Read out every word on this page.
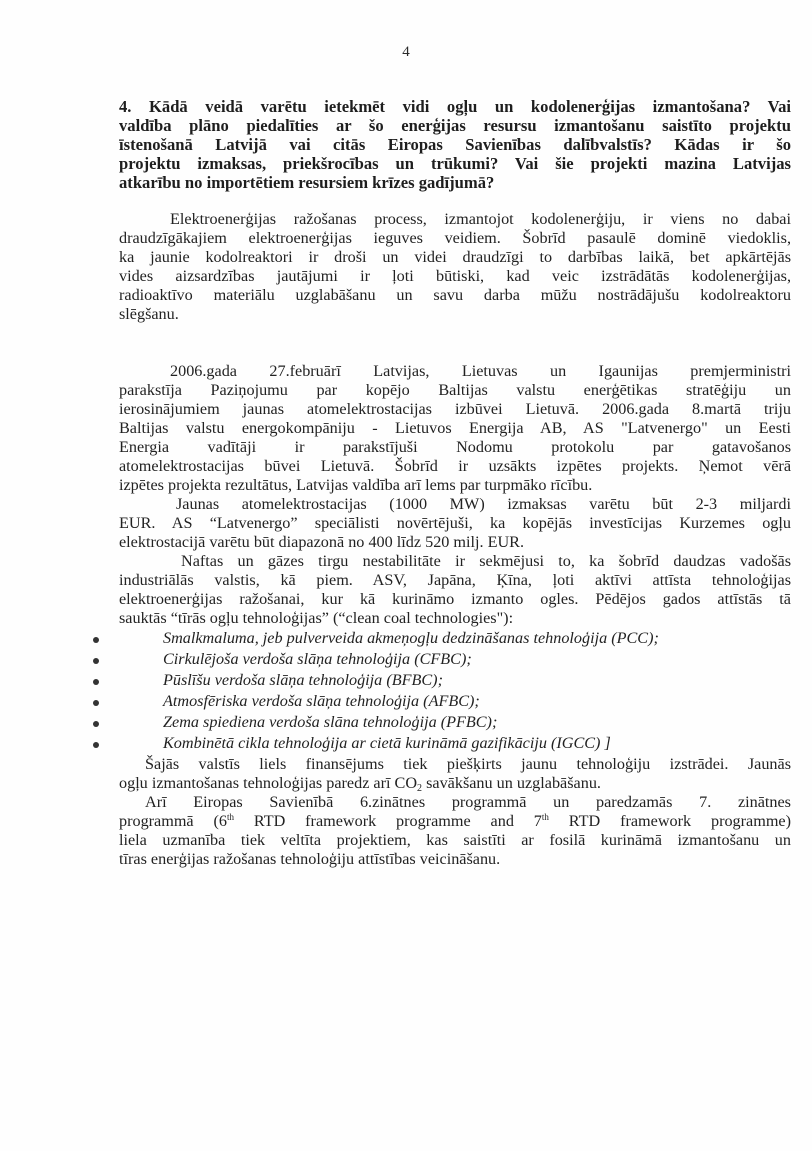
4
4. Kādā veidā varētu ietekmēt vidi ogļu un kodolenerģijas izmantošana? Vai
valdība plāno piedalīties ar šo enerģijas resursu izmantošanu saistīto projektu
īstenošanā Latvijā vai citās Eiropas Savienības dalībvalstīs? Kādas ir šo
projektu izmaksas, priekšrocības un trūkumi? Vai šie projekti mazina Latvijas
atkarību no importētiem resursiem krīzes gadījumā?
Elektroenerģijas ražošanas process, izmantojot kodolenerģiju, ir viens no dabai
draudzīgākajiem elektroenerģijas ieguves veidiem. Šobrīd pasaulē dominē viedoklis,
ka jaunie kodolreaktori ir droši un videi draudzīgi to darbības laikā, bet apkārtējās
vides aizsardzības jautājumi ir ļoti būtiski, kad veic izstrādātās kodolenerģijas,
radioaktīvo materiālu uzglabāšanu un savu darba mūžu nostrādājušu kodolreaktoru
slēgšanu.
2006.gada 27.februārī Latvijas, Lietuvas un Igaunijas premjerministri
parakstīja Paziņojumu par kopējo Baltijas valstu enerģētikas stratēģiju un
ierosinājumiem jaunas atomelektrostacijas izbūvei Lietuvā. 2006.gada 8.martā triju
Baltijas valstu energokompāniju - Lietuvos Energija AB, AS "Latvenergo" un Eesti
Energia vadītāji ir parakstījuši Nodomu protokolu par gatavošanos
atomelektrostacijas būvei Lietuvā. Šobrīd ir uzsākts izpētes projekts. Ņemot vērā
izpētes projekta rezultātus, Latvijas valdība arī lems par turpmāko rīcību.
Jaunas atomelektrostacijas (1000 MW) izmaksas varētu būt 2-3 miljardi
EUR. AS “Latvenergo” speciālisti novērtējuši, ka kopējās investīcijas Kurzemes ogļu
elektrostacijā varētu būt diapazonā no 400 līdz 520 milj. EUR.
Naftas un gāzes tirgu nestabilitāte ir sekmējusi to, ka šobrīd daudzas vadošās
industriālās valstis, kā piem. ASV, Japāna, Ķīna, ļoti aktīvi attīsta tehnoloģijas
elektroenerģijas ražošanai, kur kā kurināmo izmanto ogles. Pēdējos gados attīstās tā
sauktās “tīrās ogļu tehnoloģijas” (“clean coal technologies"):
Smalkmaluma, jeb pulverveida akmeņogļu dedzināšanas tehnoloģija (PCC);
Cirkulējoša verdoša slāņa tehnoloģija (CFBC);
Pūslīšu verdoša slāņa tehnoloģija (BFBC);
Atmosfēriska verdoša slāņa tehnoloģija (AFBC);
Zema spiediena verdoša slāna tehnoloģija (PFBC);
Kombinētā cikla tehnoloģija ar cietā kurināmā gazifikāciju (IGCC) ]
Šajās valstīs liels finansējums tiek piešķirts jaunu tehnoloģiju izstrādei. Jaunās
ogļu izmantošanas tehnoloģijas paredz arī $CO_2$ savākšanu un uzglabāšanu.
Arī Eiropas Savienībā 6.zinātnes programmā un paredzamās 7. zinātnes
programmā (6th RTD framework programme and 7th RTD framework programme)
liela uzmanība tiek veltīta projektiem, kas saistīti ar fosilā kurināmā izmantošanu un
tīras enerģijas ražošanas tehnoloģiju attīstības veicināšanu.
